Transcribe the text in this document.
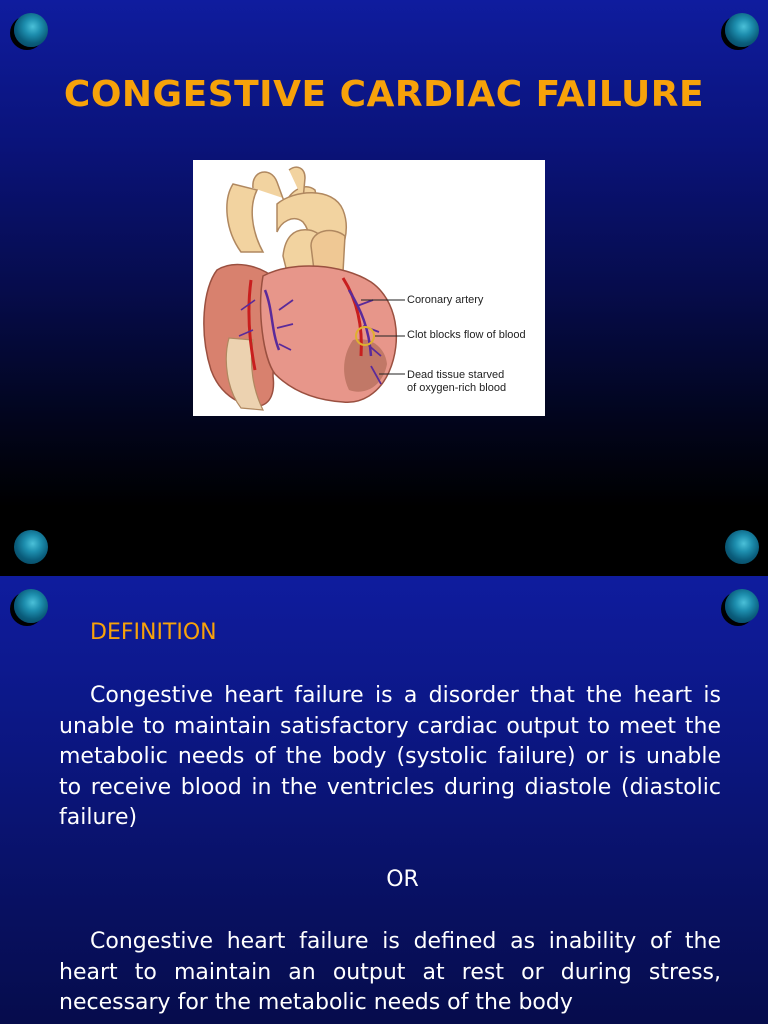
CONGESTIVE CARDIAC FAILURE
Coronary artery
Clot blocks flow of blood
Dead tissue starved
of oxygen-rich blood
DEFINITION
Congestive heart failure is a disorder that the heart is unable to maintain satisfactory cardiac output to meet the metabolic needs of the body (systolic failure) or is unable to receive blood in the ventricles during diastole (diastolic failure)
OR
Congestive heart failure is defined as inability of the heart to maintain an output at rest or during stress, necessary for the metabolic needs of the body
